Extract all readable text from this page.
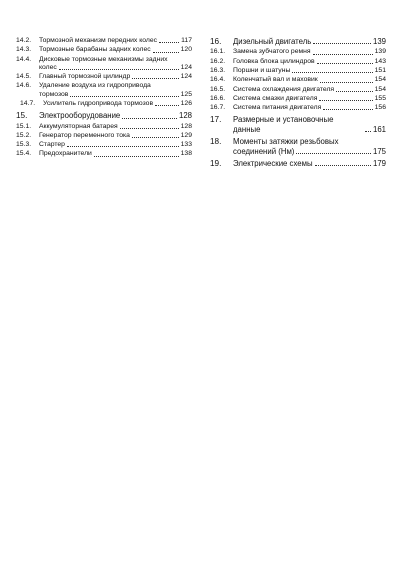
14.2. Тормозной механизм передних колес	117
14.3. Тормозные барабаны задних колес	120
14.4. Дисковые тормозные механизмы задних
колес	124
14.5. Главный тормозной цилиндр	124
14.6. Удаление воздуха из гидропривода
тормозов	125
14.7. Усилитель гидропривода тормозов	126
15. Электрооборудование	128
15.1. Аккумуляторная батарея	128
15.2. Генератор переменного тока	129
15.3. Стартер	133
15.4. Предохранители	138
16. Дизельный двигатель	139
16.1. Замена зубчатого ремня	139
16.2. Головка блока цилиндров	143
16.3. Поршни и шатуны	151
16.4. Коленчатый вал и маховик	154
16.5. Система охлаждения двигателя	154
16.6. Система смазки двигателя	155
16.7. Система питания двигателя	156
17. Размерные и установочные данные	161
18. Моменты затяжки резьбовых
соединений (Нм)	175
19. Электрические схемы	179
